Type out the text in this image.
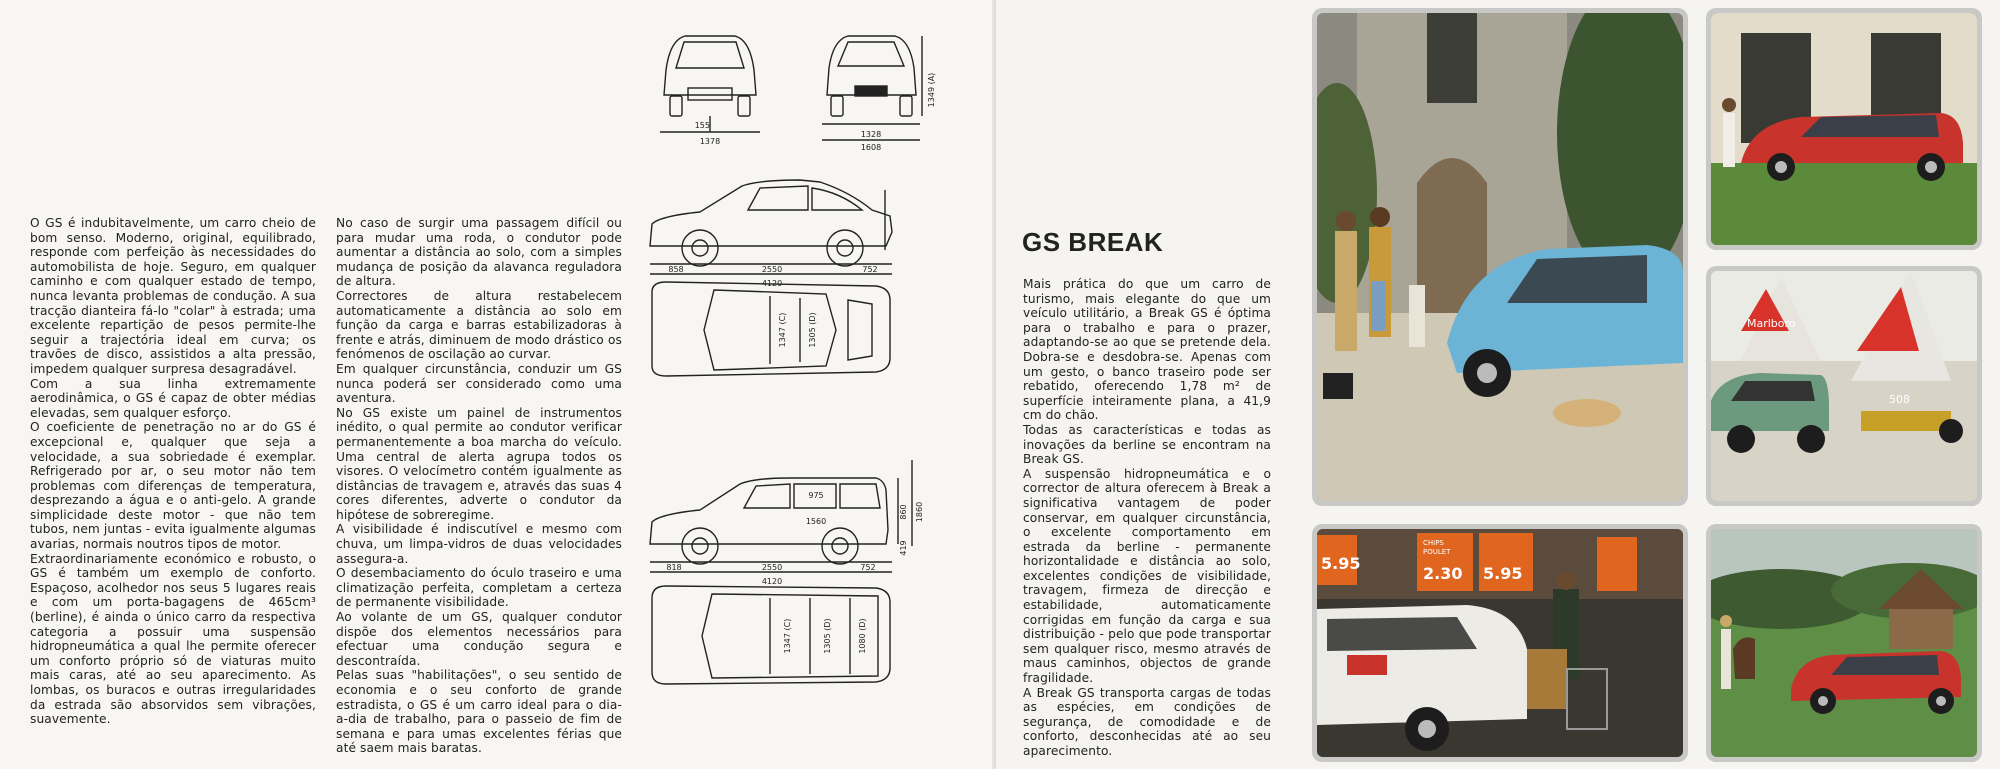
O GS é indubitavelmente, um carro cheio de bom senso. Moderno, original, equilibrado, responde com perfeição às necessidades do automobilista de hoje. Seguro, em qualquer caminho e com qualquer estado de tempo, nunca levanta problemas de condução. A sua tracção dianteira fá-lo "colar" à estrada; uma excelente repartição de pesos permite-lhe seguir a trajectória ideal em curva; os travões de disco, assistidos a alta pressão, impedem qualquer surpresa desagradável.

Com a sua linha extremamente aerodinâmica, o GS é capaz de obter médias elevadas, sem qualquer esforço.

O coeficiente de penetração no ar do GS é excepcional e, qualquer que seja a velocidade, a sua sobriedade é exemplar. Refrigerado por ar, o seu motor não tem problemas com diferenças de temperatura, desprezando a água e o anti-gelo. A grande simplicidade deste motor - que não tem tubos, nem juntas - evita igualmente algumas avarias, normais noutros tipos de motor.

Extraordinariamente económico e robusto, o GS é também um exemplo de conforto. Espaçoso, acolhedor nos seus 5 lugares reais e com um porta-bagagens de 465cm³ (berline), é ainda o único carro da respectiva categoria a possuir uma suspensão hidropneumática a qual lhe permite oferecer um conforto próprio só de viaturas muito mais caras, até ao seu aparecimento. As lombas, os buracos e outras irregularidades da estrada são absorvidos sem vibrações, suavemente.

No caso de surgir uma passagem difícil ou para mudar uma roda, o condutor pode aumentar a distância ao solo, com a simples mudança de posição da alavanca reguladora de altura.

Correctores de altura restabelecem automaticamente a distância ao solo em função da carga e barras estabilizadoras à frente e atrás, diminuem de modo drástico os fenómenos de oscilação ao curvar.

Em qualquer circunstância, conduzir um GS nunca poderá ser considerado como uma aventura.

No GS existe um painel de instrumentos inédito, o qual permite ao condutor verificar permanentemente a boa marcha do veículo. Uma central de alerta agrupa todos os visores. O velocímetro contém igualmente as distâncias de travagem e, através das suas 4 cores diferentes, adverte o condutor da hipótese de sobreregime.

A visibilidade é indiscutível e mesmo com chuva, um limpa-vidros de duas velocidades assegura-a.

O desembaciamento do óculo traseiro e uma climatização perfeita, completam a certeza de permanente visibilidade.

Ao volante de um GS, qualquer condutor dispõe dos elementos necessários para efectuar uma condução segura e descontraída.

Pelas suas "habilitações", o seu sentido de economia e o seu conforto de grande estradista, o GS é um carro ideal para o dia-a-dia de trabalho, para o passeio de fim de semana e para umas excelentes férias que até saem mais baratas.

155
1378
1328
1608
1349 (A)
858	2550	752
4120
1347 (C)	1305 (D)
975
1560
860 1860
419
818	2550	752
4120
1347 (C)	1305 (D)	1080 (D)
GS BREAK

Mais prática do que um carro de turismo, mais elegante do que um veículo utilitário, a Break GS é óptima para o trabalho e para o prazer, adaptando-se ao que se pretende dela. Dobra-se e desdobra-se. Apenas com um gesto, o banco traseiro pode ser rebatido, oferecendo 1,78 m² de superfície inteiramente plana, a 41,9 cm do chão.

Todas as características e todas as inovações da berline se encontram na Break GS.

A suspensão hidropneumática e o corrector de altura oferecem à Break a significativa vantagem de poder conservar, em qualquer circunstância, o excelente comportamento em estrada da berline - permanente horizontalidade e distância ao solo, excelentes condições de visibilidade, travagem, firmeza de direcção e estabilidade, automaticamente corrigidas em função da carga e sua distribuição - pelo que pode transportar sem qualquer risco, mesmo através de maus caminhos, objectos de grande fragilidade.

A Break GS transporta cargas de todas as espécies, em condições de segurança, de comodidade e de conforto, desconhecidas até ao seu aparecimento.

Marlboro
508
5.95
CHIPS
POULET
2.30 5.95
